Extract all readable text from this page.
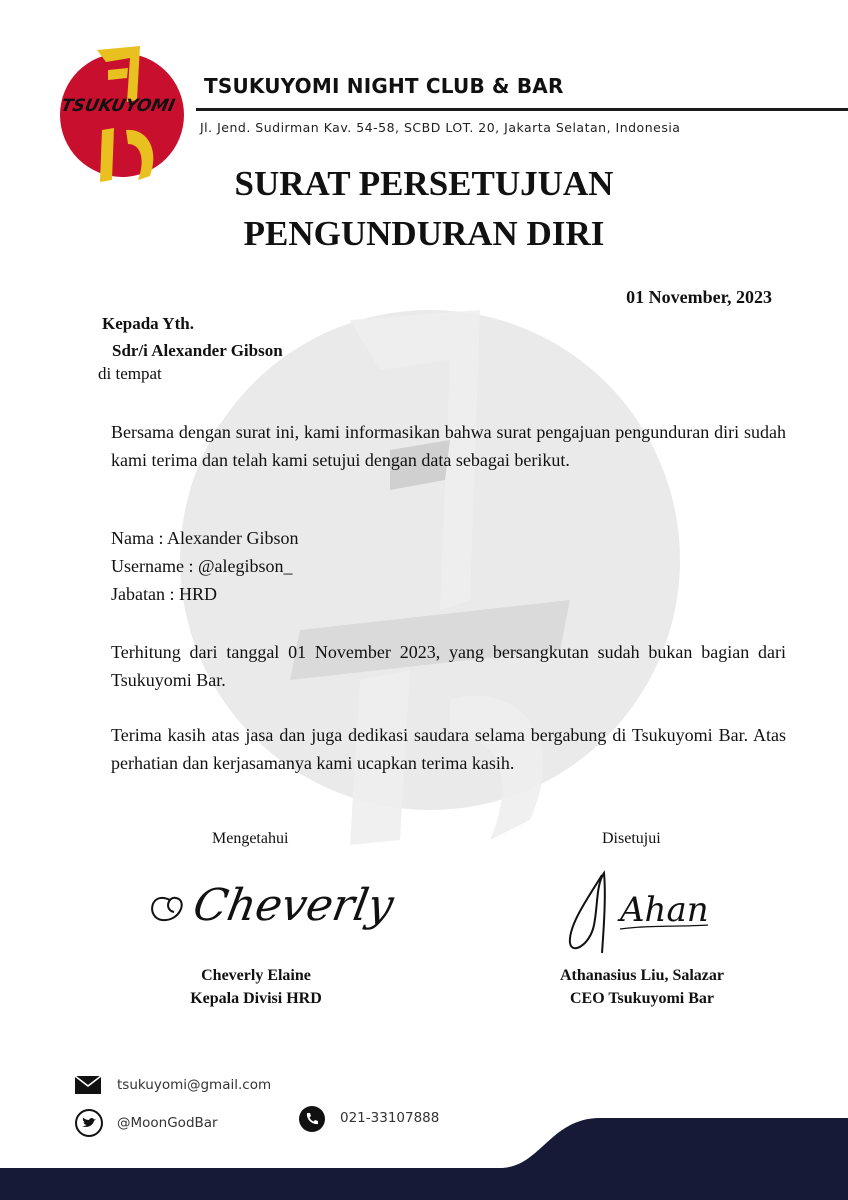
TSUKUYOMI
TSUKUYOMI NIGHT CLUB & BAR
Jl. Jend. Sudirman Kav. 54-58, SCBD LOT. 20, Jakarta Selatan, Indonesia
SURAT PERSETUJUAN
PENGUNDURAN DIRI
01 November, 2023
Kepada Yth.
Sdr/i Alexander Gibson
di tempat
Bersama dengan surat ini, kami informasikan bahwa surat pengajuan pengunduran diri sudah kami terima dan telah kami setujui dengan data sebagai berikut.
Nama : Alexander Gibson
Username : @alegibson_
Jabatan : HRD
Terhitung dari tanggal 01 November 2023, yang bersangkutan sudah bukan bagian dari Tsukuyomi Bar.
Terima kasih atas jasa dan juga dedikasi saudara selama bergabung di Tsukuyomi Bar. Atas perhatian dan kerjasamanya kami ucapkan terima kasih.
Mengetahui	Disetujui
Cheverly	Ahan
Cheverly Elaine
Kepala Divisi HRD
Athanasius Liu, Salazar
CEO Tsukuyomi Bar
tsukuyomi@gmail.com
@MoonGodBar	021-33107888
